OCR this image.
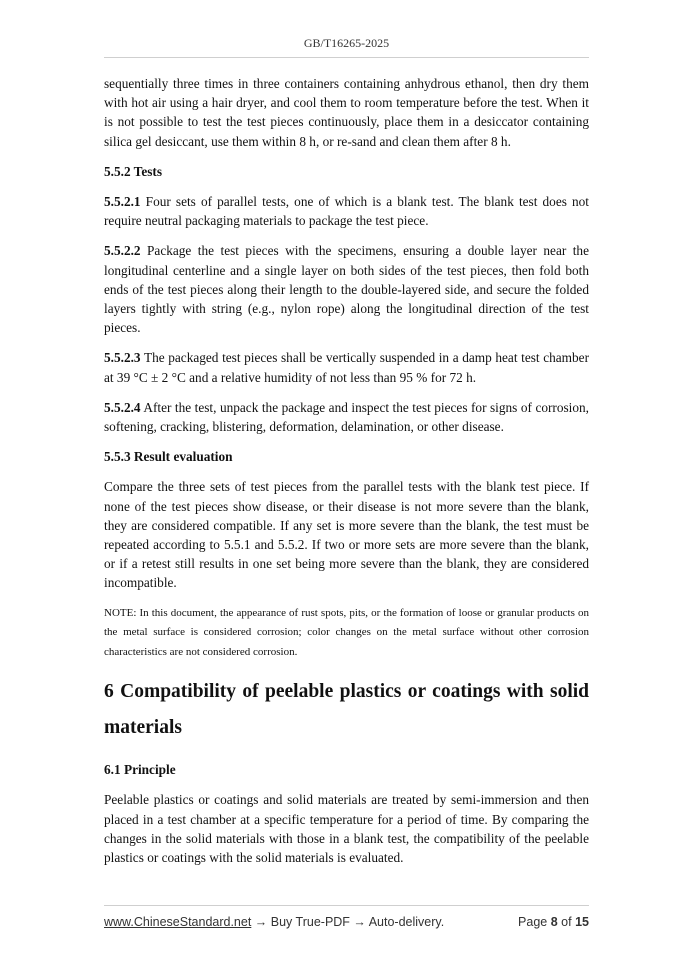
GB/T16265-2025

sequentially three times in three containers containing anhydrous ethanol, then dry them with hot air using a hair dryer, and cool them to room temperature before the test. When it is not possible to test the test pieces continuously, place them in a desiccator containing silica gel desiccant, use them within 8 h, or re-sand and clean them after 8 h.

5.5.2 Tests

5.5.2.1 Four sets of parallel tests, one of which is a blank test. The blank test does not require neutral packaging materials to package the test piece.

5.5.2.2 Package the test pieces with the specimens, ensuring a double layer near the longitudinal centerline and a single layer on both sides of the test pieces, then fold both ends of the test pieces along their length to the double-layered side, and secure the folded layers tightly with string (e.g., nylon rope) along the longitudinal direction of the test pieces.

5.5.2.3 The packaged test pieces shall be vertically suspended in a damp heat test chamber at 39 °C ± 2 °C and a relative humidity of not less than 95 % for 72 h.

5.5.2.4 After the test, unpack the package and inspect the test pieces for signs of corrosion, softening, cracking, blistering, deformation, delamination, or other disease.

5.5.3 Result evaluation

Compare the three sets of test pieces from the parallel tests with the blank test piece. If none of the test pieces show disease, or their disease is not more severe than the blank, they are considered compatible. If any set is more severe than the blank, the test must be repeated according to 5.5.1 and 5.5.2. If two or more sets are more severe than the blank, or if a retest still results in one set being more severe than the blank, they are considered incompatible.

NOTE: In this document, the appearance of rust spots, pits, or the formation of loose or granular products on the metal surface is considered corrosion; color changes on the metal surface without other corrosion characteristics are not considered corrosion.

6 Compatibility of peelable plastics or coatings with solid materials
6.1 Principle

Peelable plastics or coatings and solid materials are treated by semi-immersion and then placed in a test chamber at a specific temperature for a period of time. By comparing the changes in the solid materials with those in a blank test, the compatibility of the peelable plastics or coatings with the solid materials is evaluated.

www.ChineseStandard.net → Buy True-PDF → Auto-delivery.	Page 8 of 15
